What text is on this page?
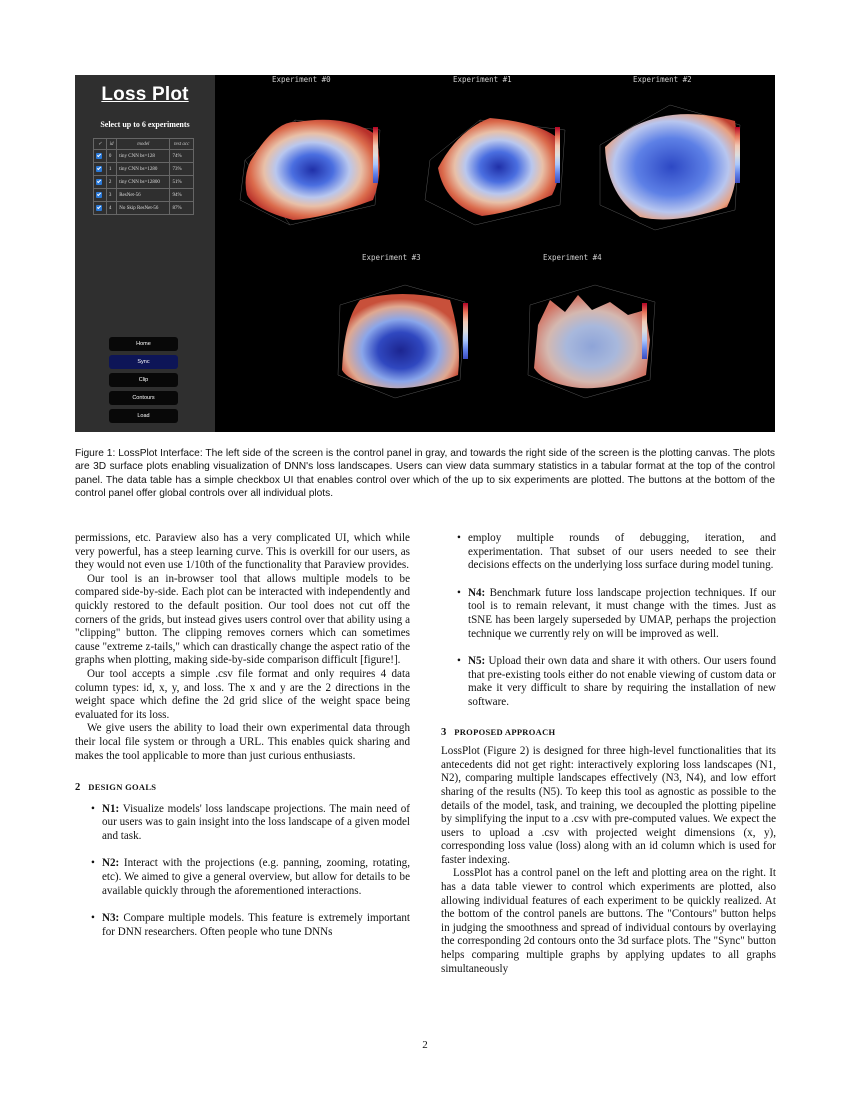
Loss Plot
Select up to 6 experiments
✓	id	model	test acc
	0	tiny CNN bs=128	74%
	1	tiny CNN bs=1280	73%
	2	tiny CNN bs=12800	51%
	3	ResNet-56	94%
	4	No Skip ResNet-56	87%
Home
Sync
Clip
Contours
Load
Experiment #0	Experiment #1	Experiment #2
Experiment #3	Experiment #4
Figure 1: LossPlot Interface: The left side of the screen is the control panel in gray, and towards the right side of the screen is the plotting canvas. The plots are 3D surface plots enabling visualization of DNN's loss landscapes. Users can view data summary statistics in a tabular format at the top of the control panel. The data table has a simple checkbox UI that enables control over which of the up to six experiments are plotted. The buttons at the bottom of the control panel offer global controls over all individual plots.

permissions, etc. Paraview also has a very complicated UI, which while very powerful, has a steep learning curve. This is overkill for our users, as they would not even use 1/10th of the functionality that Paraview provides.

Our tool is an in-browser tool that allows multiple models to be compared side-by-side. Each plot can be interacted with independently and quickly restored to the default position. Our tool does not cut off the corners of the grids, but instead gives users control over that ability using a "clipping" button. The clipping removes corners which can sometimes cause "extreme z-tails," which can drastically change the aspect ratio of the graphs when plotting, making side-by-side comparison difficult [figure!].

Our tool accepts a simple .csv file format and only requires 4 data column types: id, x, y, and loss. The x and y are the 2 directions in the weight space which define the 2d grid slice of the weight space being evaluated for its loss.

We give users the ability to load their own experimental data through their local file system or through a URL. This enables quick sharing and makes the tool applicable to more than just curious enthusiasts.

2 DESIGN GOALS

• N1: Visualize models' loss landscape projections. The main need of our users was to gain insight into the loss landscape of a given model and task.
• N2: Interact with the projections (e.g. panning, zooming, rotating, etc). We aimed to give a general overview, but allow for details to be available quickly through the aforementioned interactions.
• N3: Compare multiple models. This feature is extremely important for DNN researchers. Often people who tune DNNs
• employ multiple rounds of debugging, iteration, and experimentation. That subset of our users needed to see their decisions effects on the underlying loss surface during model tuning.
• N4: Benchmark future loss landscape projection techniques. If our tool is to remain relevant, it must change with the times. Just as tSNE has been largely superseded by UMAP, perhaps the projection technique we currently rely on will be improved as well.
• N5: Upload their own data and share it with others. Our users found that pre-existing tools either do not enable viewing of custom data or make it very difficult to share by requiring the installation of new software.

3 PROPOSED APPROACH

LossPlot (Figure 2) is designed for three high-level functionalities that its antecedents did not get right: interactively exploring loss landscapes (N1, N2), comparing multiple landscapes effectively (N3, N4), and low effort sharing of the results (N5). To keep this tool as agnostic as possible to the details of the model, task, and training, we decoupled the plotting pipeline by simplifying the input to a .csv with pre-computed values. We expect the users to upload a .csv with projected weight dimensions (x, y), corresponding loss value (loss) along with an id column which is used for faster indexing.

LossPlot has a control panel on the left and plotting area on the right. It has a data table viewer to control which experiments are plotted, also allowing individual features of each experiment to be quickly realized. At the bottom of the control panels are buttons. The "Contours" button helps in judging the smoothness and spread of individual contours by overlaying the corresponding 2d contours onto the 3d surface plots. The "Sync" button helps comparing multiple graphs by applying updates to all graphs simultaneously

2
